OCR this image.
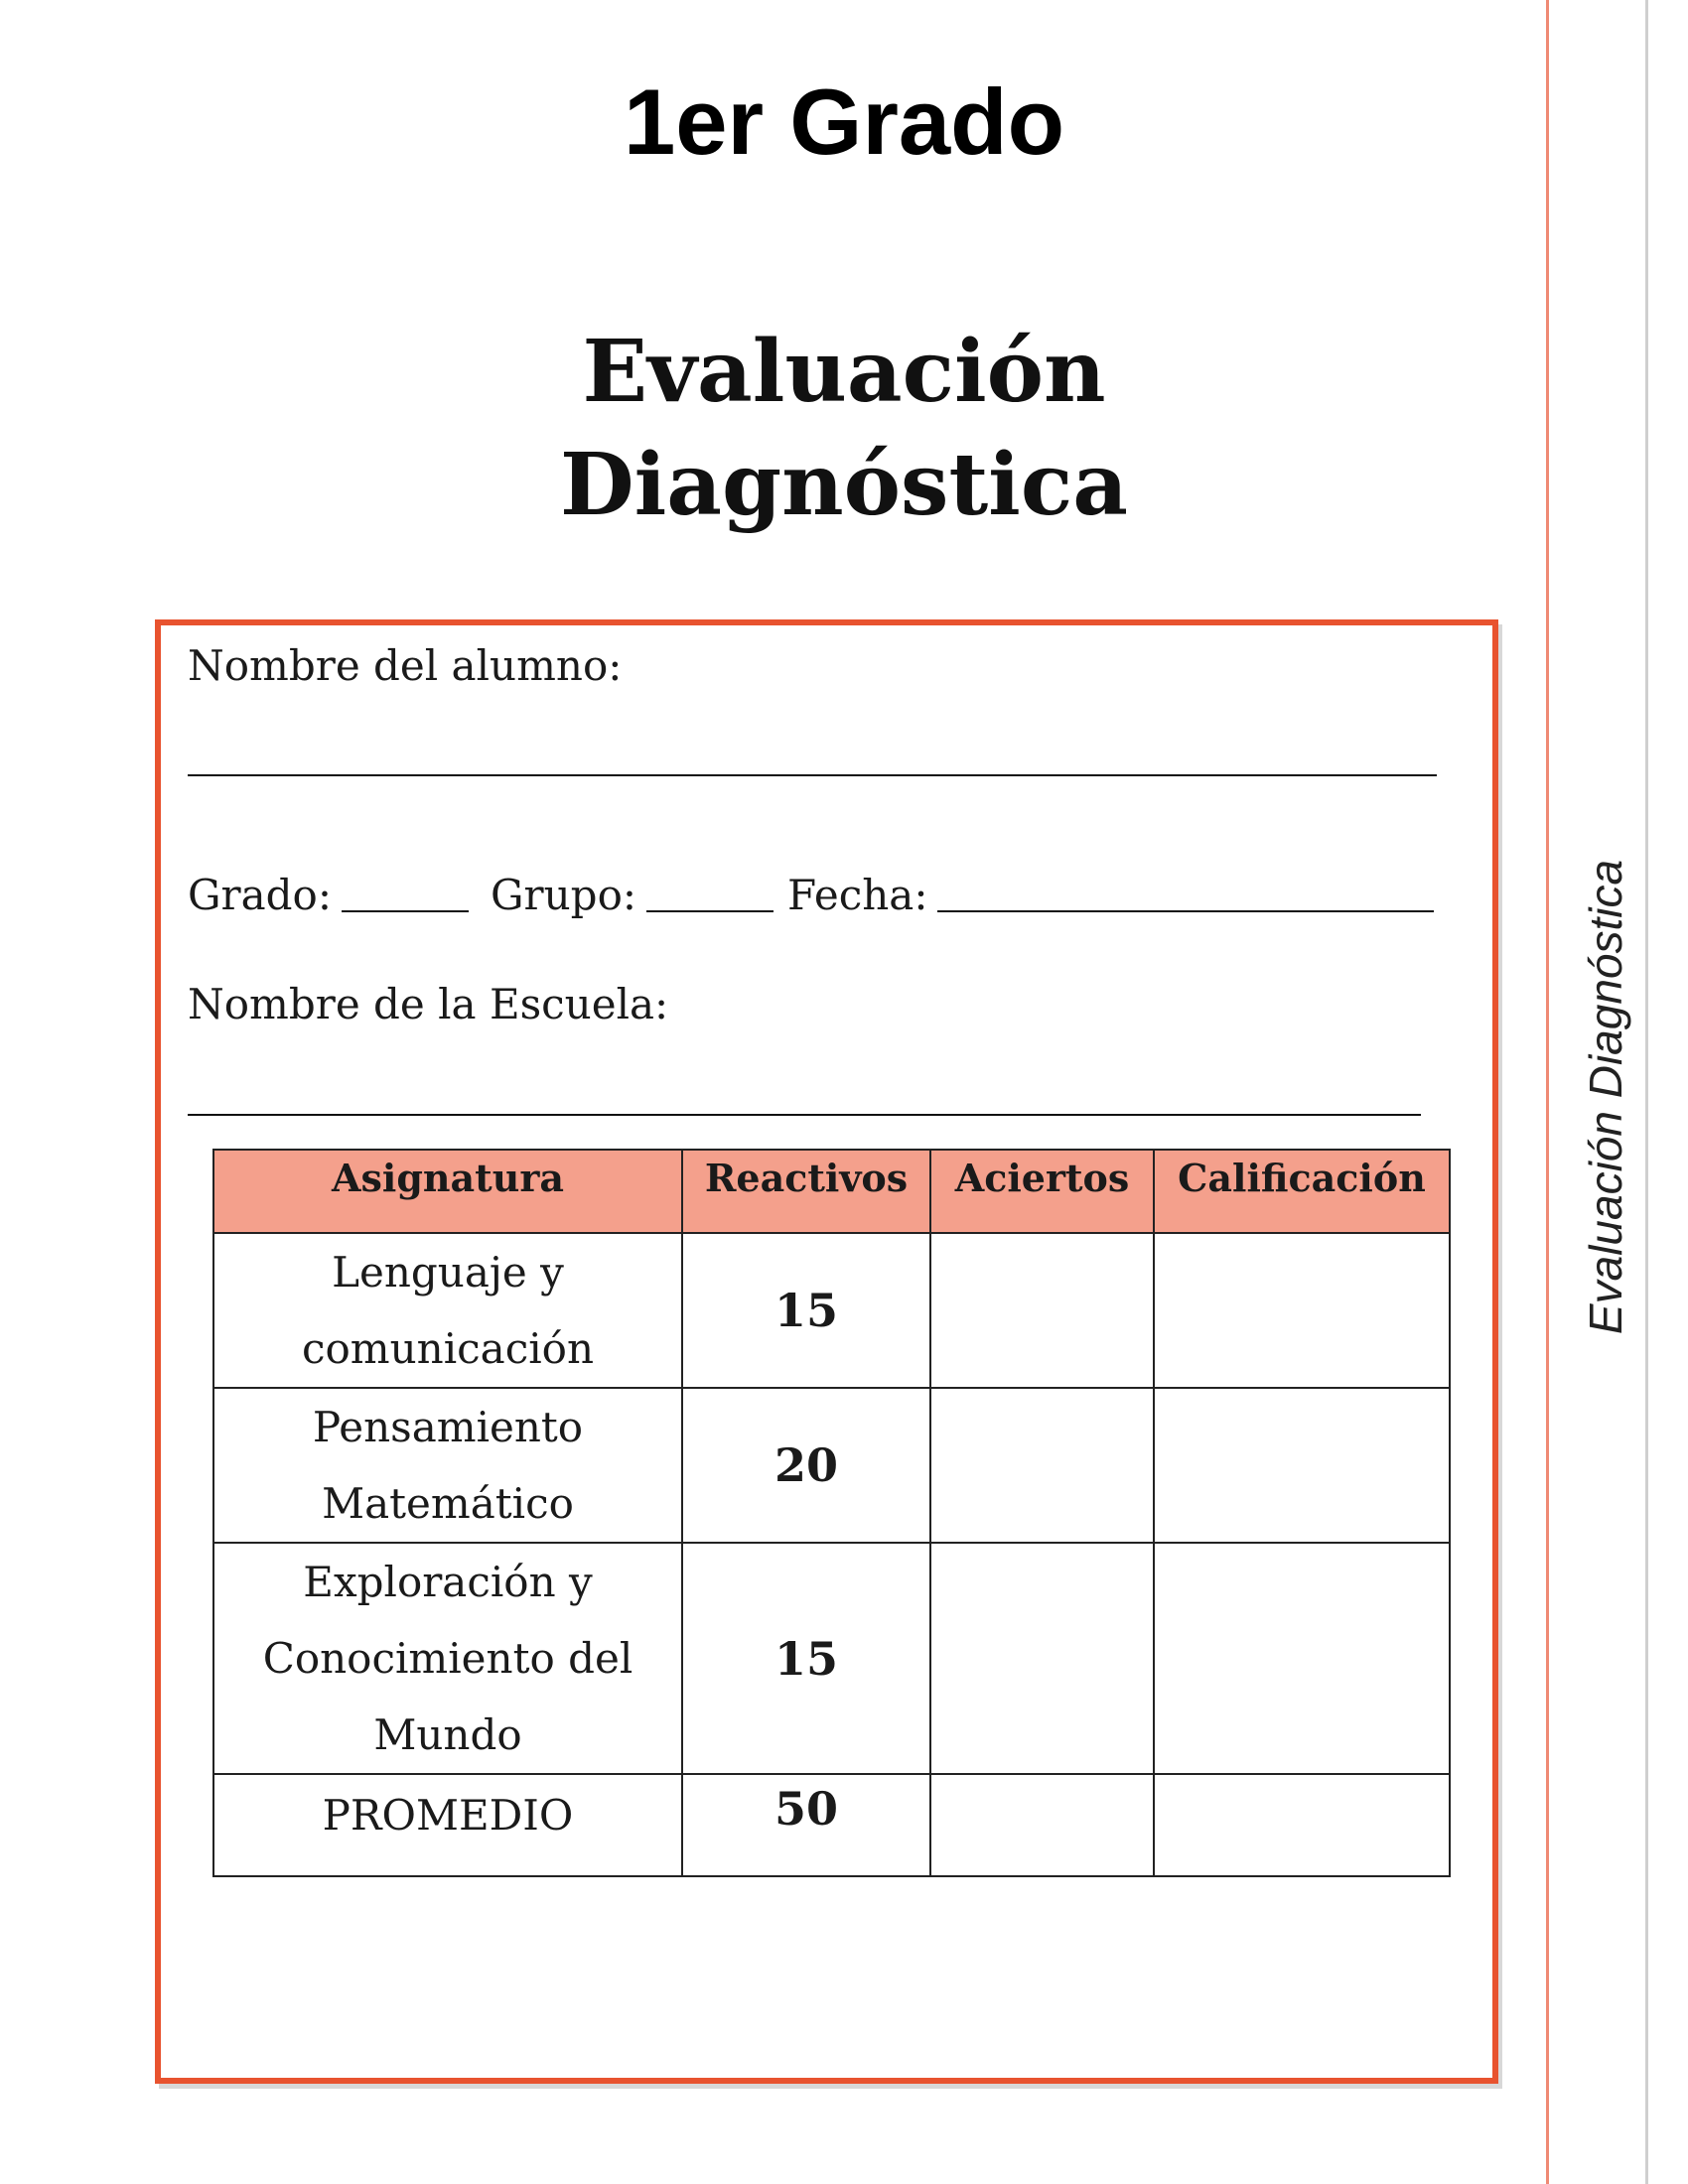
1er Grado
Evaluación
Diagnóstica
Evaluación Diagnóstica
Nombre del alumno:
Grado:	Grupo:	Fecha:
Nombre de la Escuela:
Asignatura	Reactivos	Aciertos	Calificación

Lenguaje y
comunicación	15		

Pensamiento
Matemático	20		

Exploración y
Conocimiento del
Mundo	15		

PROMEDIO	50		
